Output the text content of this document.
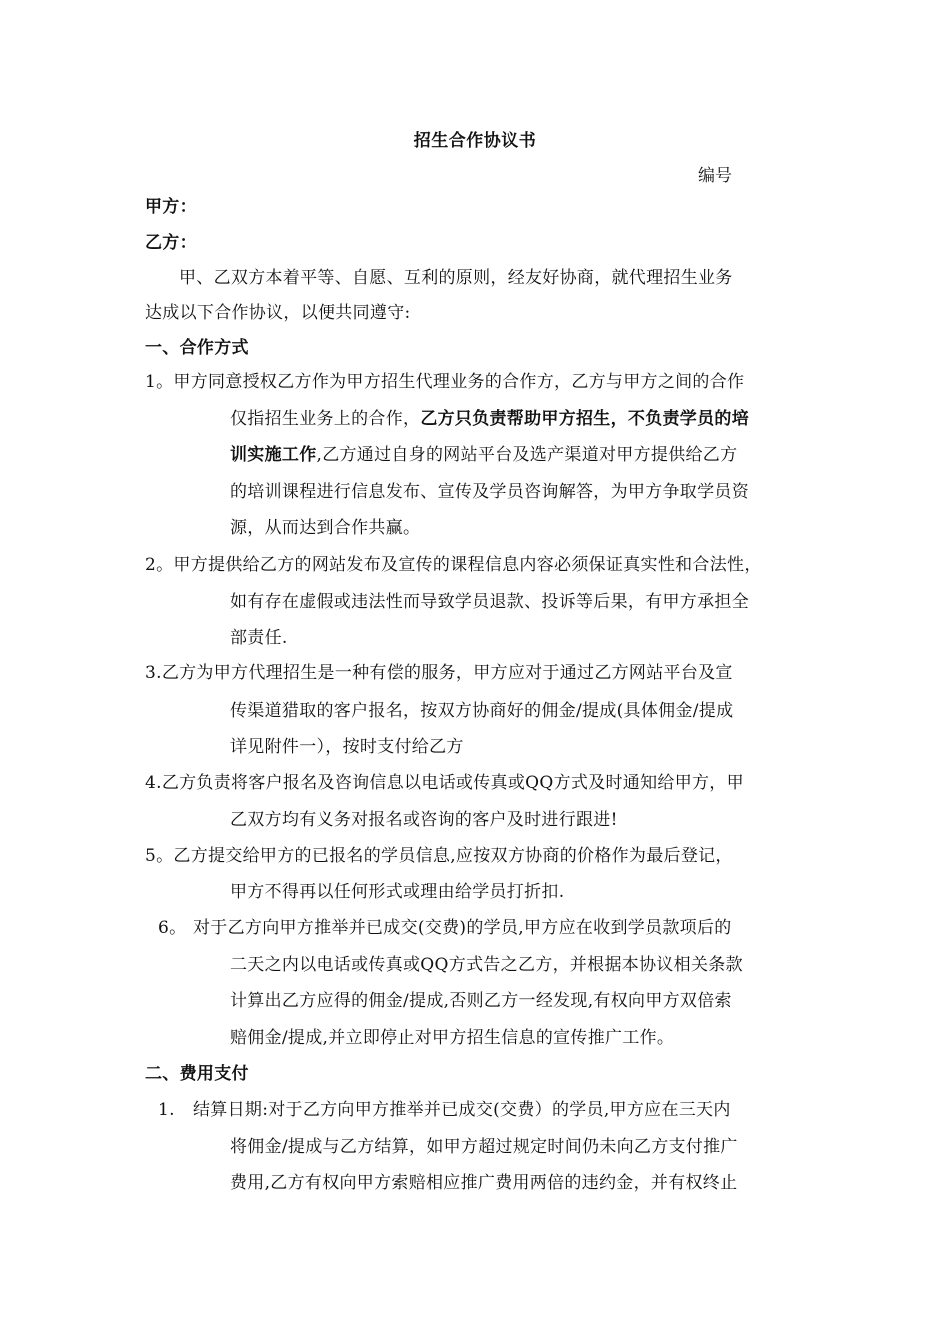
招生合作协议书
编号
甲方：
乙方：
甲、乙双方本着平等、自愿、互利的原则，经友好协商，就代理招生业务
达成以下合作协议，以便共同遵守:
一、合作方式
1。甲方同意授权乙方作为甲方招生代理业务的合作方，乙方与甲方之间的合作
仅指招生业务上的合作，乙方只负责帮助甲方招生，不负责学员的培
训实施工作,乙方通过自身的网站平台及选产渠道对甲方提供给乙方
的培训课程进行信息发布、宣传及学员咨询解答，为甲方争取学员资
源，从而达到合作共赢。
2。甲方提供给乙方的网站发布及宣传的课程信息内容必须保证真实性和合法性，
如有存在虚假或违法性而导致学员退款、投诉等后果，有甲方承担全
部责任.
3.乙方为甲方代理招生是一种有偿的服务，甲方应对于通过乙方网站平台及宣
传渠道猎取的客户报名，按双方协商好的佣金/提成(具体佣金/提成
详见附件一），按时支付给乙方
4.乙方负责将客户报名及咨询信息以电话或传真或QQ方式及时通知给甲方，甲
乙双方均有义务对报名或咨询的客户及时进行跟进!
5。乙方提交给甲方的已报名的学员信息,应按双方协商的价格作为最后登记，
甲方不得再以任何形式或理由给学员打折扣.
6。 对于乙方向甲方推举并已成交(交费)的学员,甲方应在收到学员款项后的
二天之内以电话或传真或QQ方式告之乙方，并根据本协议相关条款
计算出乙方应得的佣金/提成,否则乙方一经发现,有权向甲方双倍索
赔佣金/提成,并立即停止对甲方招生信息的宣传推广工作。
二、费用支付
1. 结算日期:对于乙方向甲方推举并已成交(交费）的学员,甲方应在三天内
将佣金/提成与乙方结算，如甲方超过规定时间仍未向乙方支付推广
费用,乙方有权向甲方索赔相应推广费用两倍的违约金，并有权终止
